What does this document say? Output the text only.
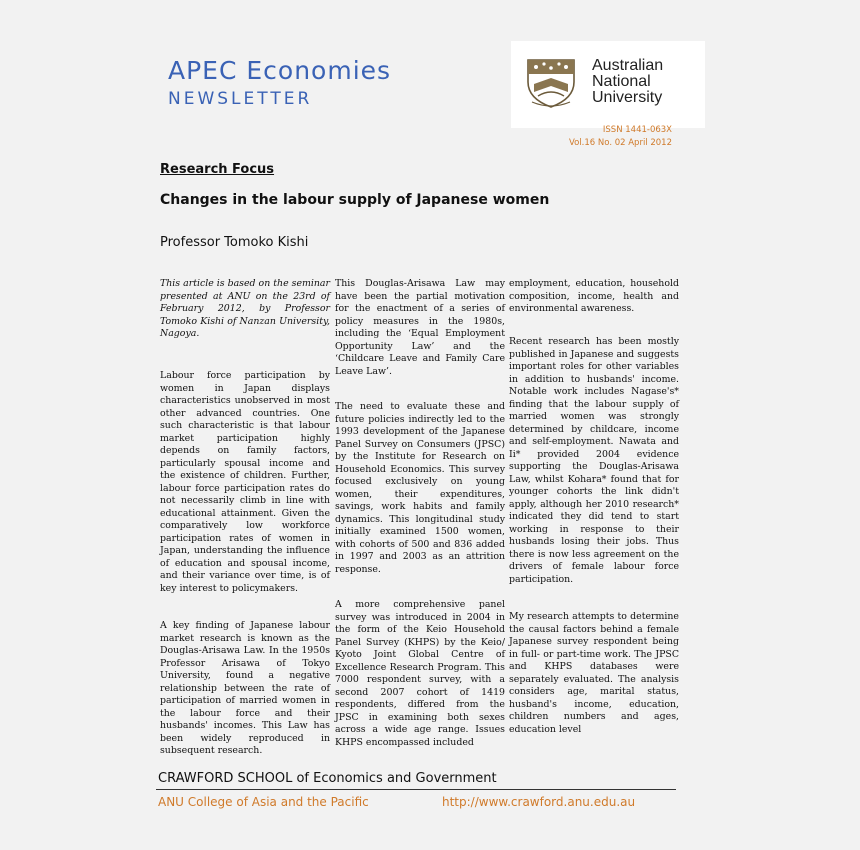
APEC Economies
NEWSLETTER
Australian
National
University
ISSN 1441-063X
Vol.16 No. 02 April 2012
Research Focus
Changes in the labour supply of Japanese women
Professor Tomoko Kishi

This article is based on the seminar presented at ANU on the 23rd of February 2012, by Professor Tomoko Kishi of Nanzan University, Nagoya.

Labour force participation by women in Japan displays characteristics unobserved in most other advanced countries. One such characteristic is that labour market participation highly depends on family factors, particularly spousal income and the existence of children. Further, labour force participation rates do not necessarily climb in line with educational attainment. Given the comparatively low workforce participation rates of women in Japan, understanding the influence of education and spousal income, and their variance over time, is of key interest to policymakers.

A key finding of Japanese labour market research is known as the Douglas-Arisawa Law. In the 1950s Professor Arisawa of Tokyo University, found a negative relationship between the rate of participation of married women in the labour force and their husbands' incomes. This Law has been widely reproduced in subsequent research.

This Douglas-Arisawa Law may have been the partial motivation for the enactment of a series of policy measures in the 1980s, including the ‘Equal Employment Opportunity Law’ and the ‘Childcare Leave and Family Care Leave Law’.

The need to evaluate these and future policies indirectly led to the 1993 development of the Japanese Panel Survey on Consumers (JPSC) by the Institute for Research on Household Economics. This survey focused exclusively on young women, their expenditures, savings, work habits and family dynamics. This longitudinal study initially examined 1500 women, with cohorts of 500 and 836 added in 1997 and 2003 as an attrition response.

A more comprehensive panel survey was introduced in 2004 in the form of the Keio Household Panel Survey (KHPS) by the Keio/ Kyoto Joint Global Centre of Excellence Research Program. This 7000 respondent survey, with a second 2007 cohort of 1419 respondents, differed from the JPSC in examining both sexes across a wide age range. Issues KHPS encompassed included

employment, education, household composition, income, health and environmental awareness.

Recent research has been mostly published in Japanese and suggests important roles for other variables in addition to husbands' income. Notable work includes Nagase's* finding that the labour supply of married women was strongly determined by childcare, income and self-employment. Nawata and Ii* provided 2004 evidence supporting the Douglas-Arisawa Law, whilst Kohara* found that for younger cohorts the link didn't apply, although her 2010 research* indicated they did tend to start working in response to their husbands losing their jobs. Thus there is now less agreement on the drivers of female labour force participation.

My research attempts to determine the causal factors behind a female Japanese survey respondent being in full- or part-time work. The JPSC and KHPS databases were separately evaluated. The analysis considers age, marital status, husband's income, education, children numbers and ages, education level

CRAWFORD SCHOOL of Economics and Government
ANU College of Asia and the Pacific	http://www.crawford.anu.edu.au
